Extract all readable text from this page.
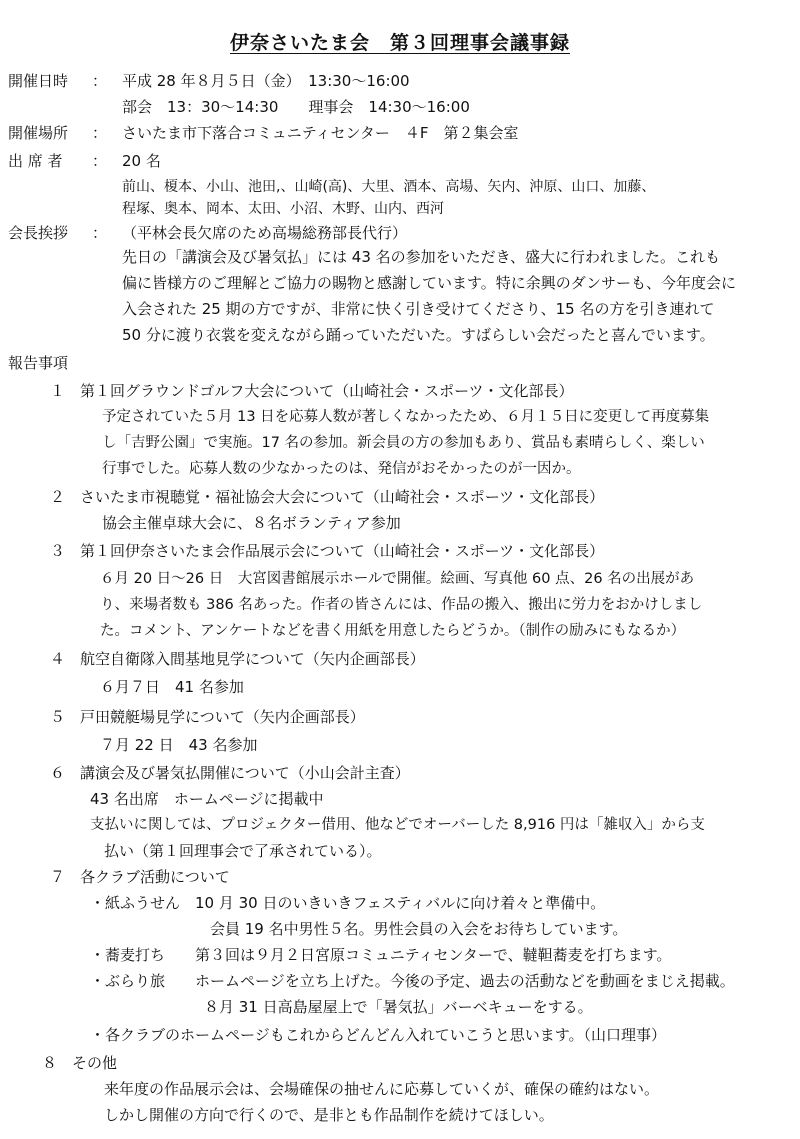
伊奈さいたま会　第３回理事会議事録
開催日時 ： 平成 28 年８月５日（金）　13:30～16:00
部会　13：30～14:30　　理事会　14:30～16:00
開催場所 ： さいたま市下落合コミュニティセンター　４F　第２集会室
出 席 者 ： 20 名
前山、榎本、小山、池田,、山崎(高)、大里、酒本、高場、矢内、沖原、山口、加藤、
程塚、奥本、岡本、太田、小沼、木野、山内、西河
会長挨拶 ： （平林会長欠席のため高場総務部長代行）
先日の「講演会及び暑気払」には 43 名の参加をいただき、盛大に行われました。これも
偏に皆様方のご理解とご協力の賜物と感謝しています。特に余興のダンサーも、今年度会に
入会された 25 期の方ですが、非常に快く引き受けてくださり、15 名の方を引き連れて
50 分に渡り衣裳を変えながら踊っていただいた。すばらしい会だったと喜んでいます。
報告事項
１ 第１回グラウンドゴルフ大会について（山崎社会・スポーツ・文化部長）
予定されていた５月 13 日を応募人数が著しくなかったため、６月１５日に変更して再度募集
し「吉野公園」で実施。17 名の参加。新会員の方の参加もあり、賞品も素晴らしく、楽しい
行事でした。応募人数の少なかったのは、発信がおそかったのが一因か。
２ さいたま市視聴覚・福祉協会大会について（山崎社会・スポーツ・文化部長）
協会主催卓球大会に、８名ボランティア参加
３ 第１回伊奈さいたま会作品展示会について（山崎社会・スポーツ・文化部長）
６月 20 日～26 日　大宮図書館展示ホールで開催。絵画、写真他 60 点、26 名の出展があ
り、来場者数も 386 名あった。作者の皆さんには、作品の搬入、搬出に労力をおかけしまし
た。コメント、アンケートなどを書く用紙を用意したらどうか。（制作の励みにもなるか）
４ 航空自衛隊入間基地見学について（矢内企画部長）
６月７日　41 名参加
５ 戸田競艇場見学について（矢内企画部長）
７月 22 日　43 名参加
６ 講演会及び暑気払開催について（小山会計主査）
43 名出席　ホームページに掲載中
支払いに関しては、プロジェクター借用、他などでオーバーした 8,916 円は「雑収入」から支
払い（第１回理事会で了承されている）。
７ 各クラブ活動について
・紙ふうせん　10 月 30 日のいきいきフェスティバルに向け着々と準備中。
会員 19 名中男性５名。男性会員の入会をお待ちしています。
・蕎麦打ち　　第３回は９月２日宮原コミュニティセンターで、韃靼蕎麦を打ちます。
・ぶらり旅　　ホームページを立ち上げた。今後の予定、過去の活動などを動画をまじえ掲載。
８月 31 日高島屋屋上で「暑気払」バーベキューをする。
・各クラブのホームページもこれからどんどん入れていこうと思います。（山口理事）
８ その他
来年度の作品展示会は、会場確保の抽せんに応募していくが、確保の確約はない。
しかし開催の方向で行くので、是非とも作品制作を続けてほしい。
